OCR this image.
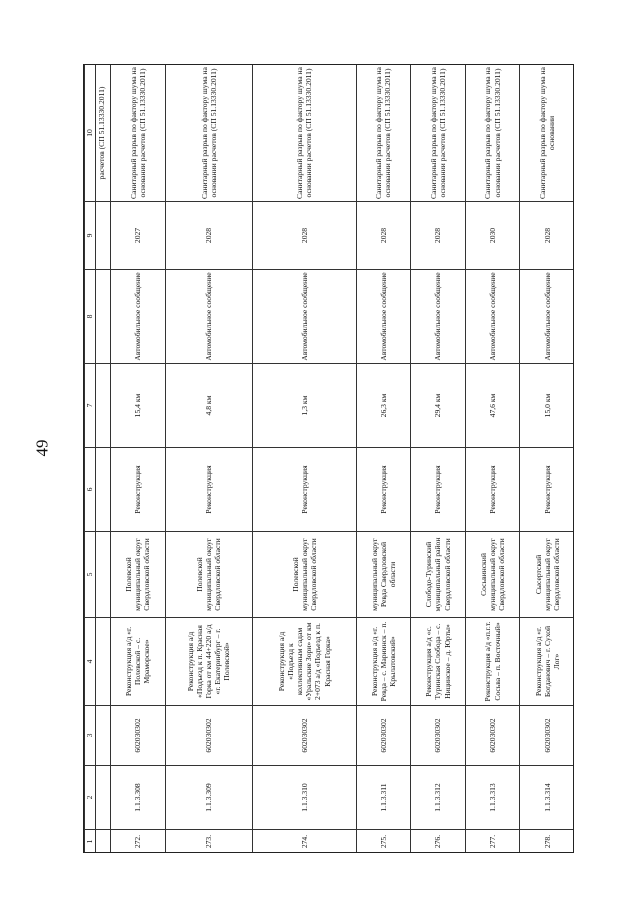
49
1	2	3	4	5	6	7	8	9	10
									расчетов (СП 51.13330.2011)
272.	1.1.3.308	602030302	Реконструкция а/д «г. Полевской – с. Мраморское»	Полевской муниципальный округ Свердловской области	Реконструкция	15,4 км	Автомобильное сообщение	2027	Санитарный разрыв по фактору шума на основании расчетов (СП 51.13330.2011)
273.	1.1.3.309	602030302	Реконструкция а/д «Подъезд к п. Красная Горка от км 44+220 а/д «г. Екатеринбург – г. Полевской»	Полевской муниципальный округ Свердловской области	Реконструкция	4,8 км	Автомобильное сообщение	2028	Санитарный разрыв по фактору шума на основании расчетов (СП 51.13330.2011)
274.	1.1.3.310	602030302	Реконструкция а/д «Подъезд к коллективным садам «Уральские Зори» от км 2+073 а/д «Подъезд к п. Красная Горка»	Полевской муниципальный округ Свердловской области	Реконструкция	1,3 км	Автомобильное сообщение	2028	Санитарный разрыв по фактору шума на основании расчетов (СП 51.13330.2011)
275.	1.1.3.311	602030302	Реконструкция а/д «г. Ревда – с. Мариинск – п. Крылатовский»	муниципальный округ Ревда Свердловской области	Реконструкция	26,3 км	Автомобильное сообщение	2028	Санитарный разрыв по фактору шума на основании расчетов (СП 51.13330.2011)
276.	1.1.3.312	602030302	Реконструкция а/д «с. Туринская Слобода – с. Ницинское – д. Юрты»	Слободо-Туринский муниципальный район Свердловской области	Реконструкция	29,4 км	Автомобильное сообщение	2028	Санитарный разрыв по фактору шума на основании расчетов (СП 51.13330.2011)
277.	1.1.3.313	602030302	Реконструкция а/д «п.г.т. Сосьва – п. Восточный»	Сосьвинский муниципальный округ Свердловской области	Реконструкция	47,6 км	Автомобильное сообщение	2030	Санитарный разрыв по фактору шума на основании расчетов (СП 51.13330.2011)
278.	1.1.3.314	602030302	Реконструкция а/д «г. Богданович – г. Сухой Лог»	Сысертский муниципальный округ Свердловской области	Реконструкция	15,0 км	Автомобильное сообщение	2028	Санитарный разрыв по фактору шума на основании
